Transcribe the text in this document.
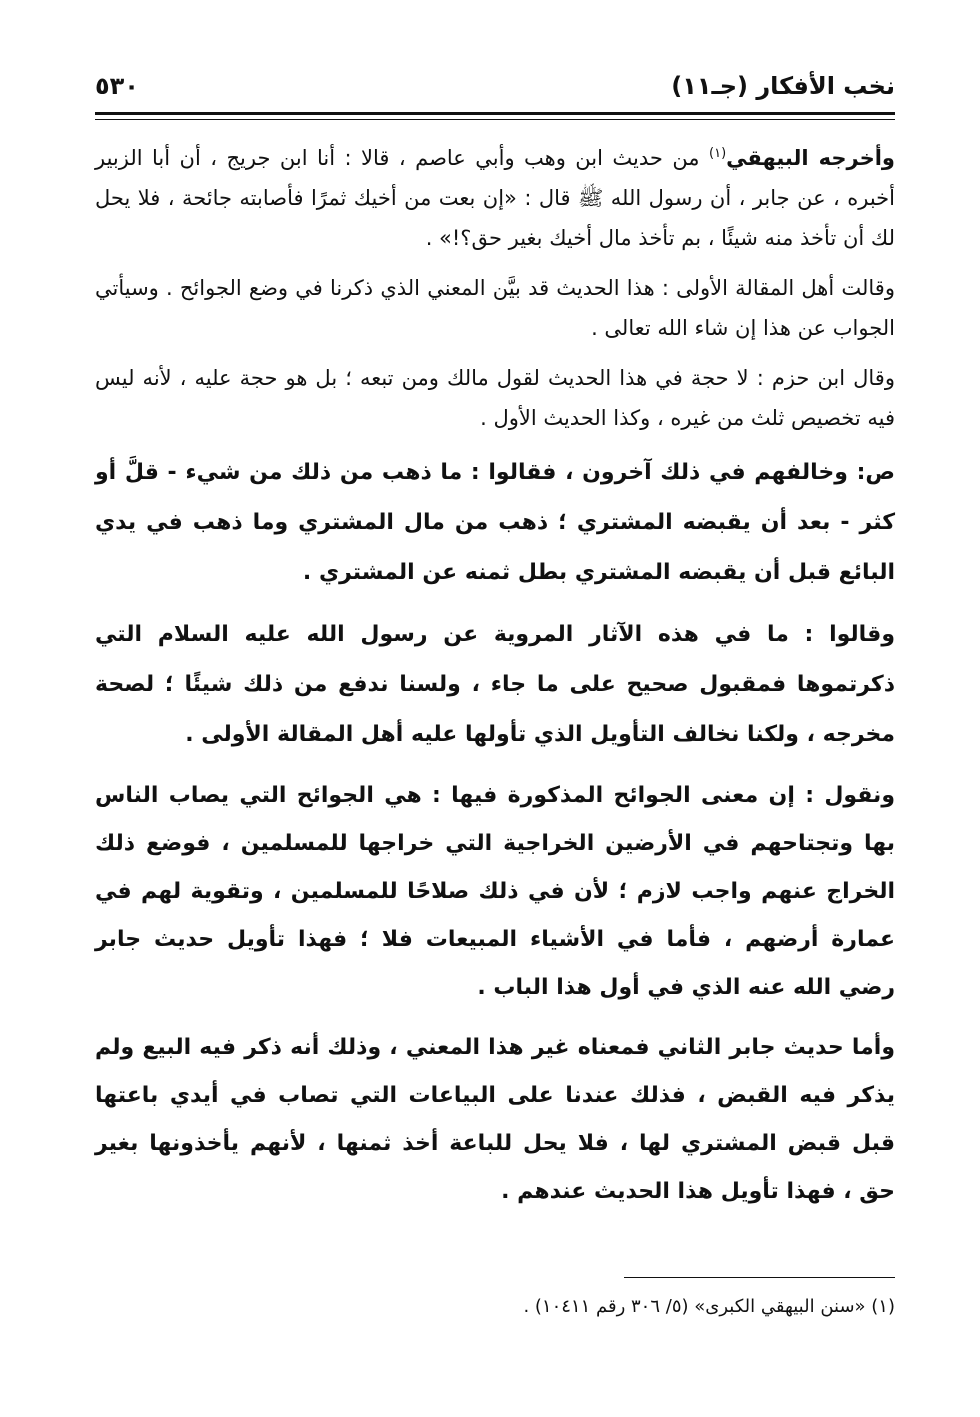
نخب الأفكار (جـ١١)
٥٣٠

وأخرجه البيهقي$^{(١)}$ من حديث ابن وهب وأبي عاصم ، قالا : أنا ابن جريج ، أن أبا الزبير أخبره ، عن جابر ، أن رسول الله ﷺ قال : «إن بعت من أخيك ثمرًا فأصابته جائحة ، فلا يحل لك أن تأخذ منه شيئًا ، بم تأخذ مال أخيك بغير حق؟!» .

وقالت أهل المقالة الأولى : هذا الحديث قد بيَّن المعني الذي ذكرنا في وضع الجوائح . وسيأتي الجواب عن هذا إن شاء الله تعالى .

وقال ابن حزم : لا حجة في هذا الحديث لقول مالك ومن تبعه ؛ بل هو حجة عليه ، لأنه ليس فيه تخصيص ثلث من غيره ، وكذا الحديث الأول .

ص: وخالفهم في ذلك آخرون ، فقالوا : ما ذهب من ذلك من شيء - قلَّ أو كثر - بعد أن يقبضه المشتري ؛ ذهب من مال المشتري وما ذهب في يدي البائع قبل أن يقبضه المشتري بطل ثمنه عن المشتري .

وقالوا : ما في هذه الآثار المروية عن رسول الله عليه السلام التي ذكرتموها فمقبول صحيح على ما جاء ، ولسنا ندفع من ذلك شيئًا ؛ لصحة مخرجه ، ولكنا نخالف التأويل الذي تأولها عليه أهل المقالة الأولى .

ونقول : إن معنى الجوائح المذكورة فيها : هي الجوائح التي يصاب الناس بها وتجتاحهم في الأرضين الخراجية التي خراجها للمسلمين ، فوضع ذلك الخراج عنهم واجب لازم ؛ لأن في ذلك صلاحًا للمسلمين ، وتقوية لهم في عمارة أرضهم ، فأما في الأشياء المبيعات فلا ؛ فهذا تأويل حديث جابر رضي الله عنه الذي في أول هذا الباب .

وأما حديث جابر الثاني فمعناه غير هذا المعني ، وذلك أنه ذكر فيه البيع ولم يذكر فيه القبض ، فذلك عندنا على البياعات التي تصاب في أيدي باعتها قبل قبض المشتري لها ، فلا يحل للباعة أخذ ثمنها ، لأنهم يأخذونها بغير حق ، فهذا تأويل هذا الحديث عندهم .

(١) «سنن البيهقي الكبرى» (٥/ ٣٠٦ رقم ١٠٤١١) .
